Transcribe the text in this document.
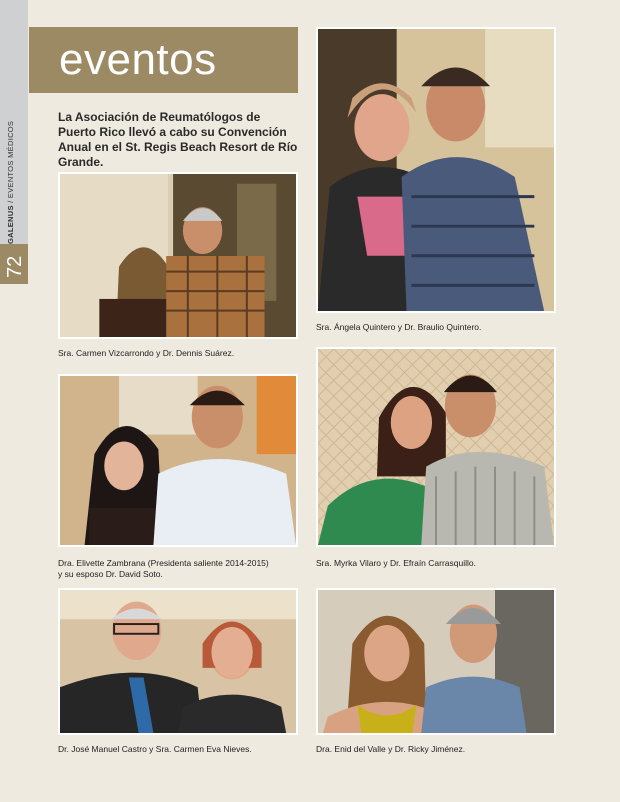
GALENUS / EVENTOS MÉDICOS
72
eventos
La Asociación de Reumatólogos de Puerto Rico llevó a cabo su Convención Anual en el St. Regis Beach Resort de Río Grande.
Sra. Carmen Vizcarrondo y Dr. Dennis Suárez.
Sra. Ángela Quintero y Dr. Braulio Quintero.
Dra. Elivette Zambrana (Presidenta saliente 2014-2015)
y su esposo Dr. David Soto.
Sra. Myrka Vilaro y Dr. Efraín Carrasquillo.
Dr. José Manuel Castro y Sra. Carmen Eva Nieves.	Dra. Enid del Valle y Dr. Ricky Jiménez.
